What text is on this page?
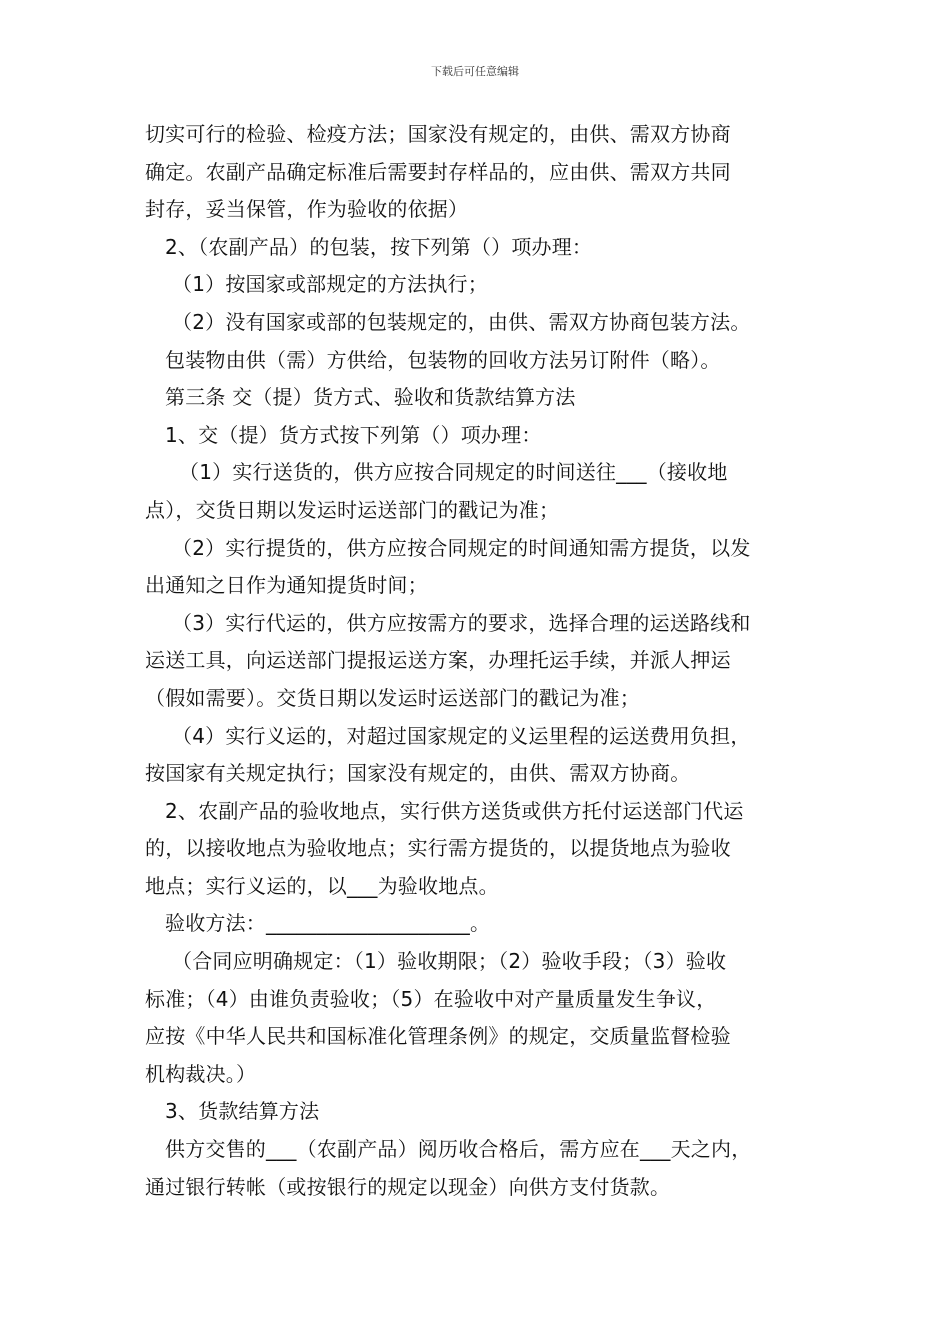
下载后可任意编辑

切实可行的检验、检疫方法；国家没有规定的，由供、需双方协商

确定。农副产品确定标准后需要封存样品的，应由供、需双方共同

封存，妥当保管，作为验收的依据）

2、（农副产品）的包装，按下列第（）项办理：

（1）按国家或部规定的方法执行；

（2）没有国家或部的包装规定的，由供、需双方协商包装方法。

包装物由供（需）方供给，包装物的回收方法另订附件（略）。

第三条 交（提）货方式、验收和货款结算方法

1、交（提）货方式按下列第（）项办理：

（1）实行送货的，供方应按合同规定的时间送往___（接收地

点），交货日期以发运时运送部门的戳记为准；

（2）实行提货的，供方应按合同规定的时间通知需方提货，以发

出通知之日作为通知提货时间；

（3）实行代运的，供方应按需方的要求，选择合理的运送路线和

运送工具，向运送部门提报运送方案，办理托运手续，并派人押运

（假如需要）。交货日期以发运时运送部门的戳记为准；

（4）实行义运的，对超过国家规定的义运里程的运送费用负担，

按国家有关规定执行；国家没有规定的，由供、需双方协商。

2、农副产品的验收地点，实行供方送货或供方托付运送部门代运

的，以接收地点为验收地点；实行需方提货的，以提货地点为验收

地点；实行义运的，以___为验收地点。

验收方法：____________________。

（合同应明确规定：（1）验收期限；（2）验收手段；（3）验收

标准；（4）由谁负责验收；（5）在验收中对产量质量发生争议，

应按《中华人民共和国标准化管理条例》的规定，交质量监督检验

机构裁决。）

3、货款结算方法

供方交售的___（农副产品）阅历收合格后，需方应在___天之内，

通过银行转帐（或按银行的规定以现金）向供方支付货款。
